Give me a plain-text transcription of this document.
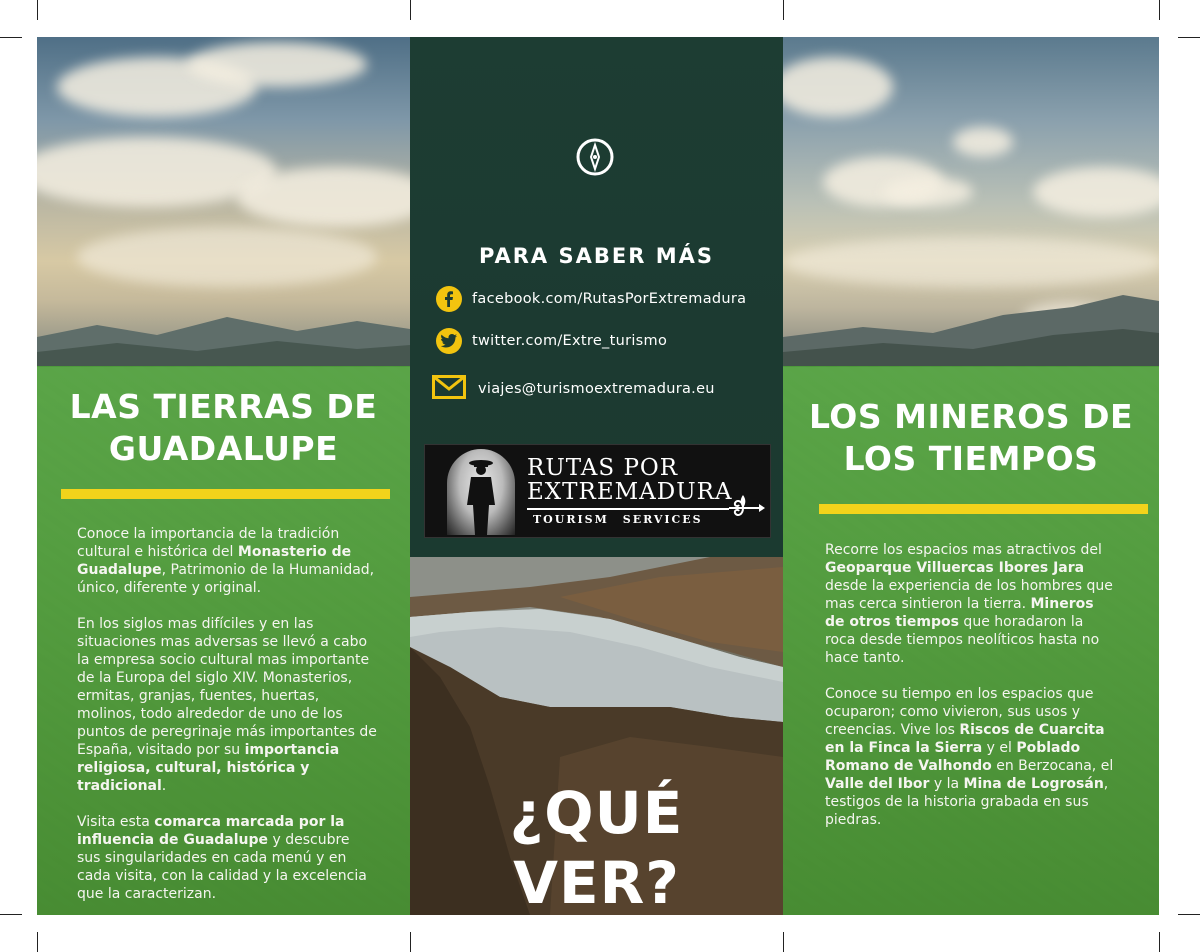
LAS TIERRAS DE
GUADALUPE

Conoce la importancia de la tradición cultural e histórica del Monasterio de Guadalupe, Patrimonio de la Humanidad, único, diferente y original.

En los siglos mas difíciles y en las situaciones mas adversas se llevó a cabo la empresa socio cultural mas importante de la Europa del siglo XIV. Monasterios, ermitas, granjas, fuentes, huertas, molinos, todo alrededor de uno de los puntos de peregrinaje más importantes de España, visitado por su importancia religiosa, cultural, histórica y tradicional.

Visita esta comarca marcada por la influencia de Guadalupe y descubre sus singularidades en cada menú y en cada visita, con la calidad y la excelencia que la caracterizan.

PARA SABER MÁS
facebook.com/RutasPorExtremadura
twitter.com/Extre_turismo
viajes@turismoextremadura.eu
RUTAS POR
EXTREMADURA
TOURISM SERVICES
¿QUÉ
VER?
LOS MINEROS DE
LOS TIEMPOS

Recorre los espacios mas atractivos del Geoparque Villuercas Ibores Jara desde la experiencia de los hombres que mas cerca sintieron la tierra. Mineros de otros tiempos que horadaron la roca desde tiempos neolíticos hasta no hace tanto.

Conoce su tiempo en los espacios que ocuparon; como vivieron, sus usos y creencias. Vive los Riscos de Cuarcita en la Finca la Sierra y el Poblado Romano de Valhondo en Berzocana, el Valle del Ibor y la Mina de Logrosán, testigos de la historia grabada en sus piedras.
